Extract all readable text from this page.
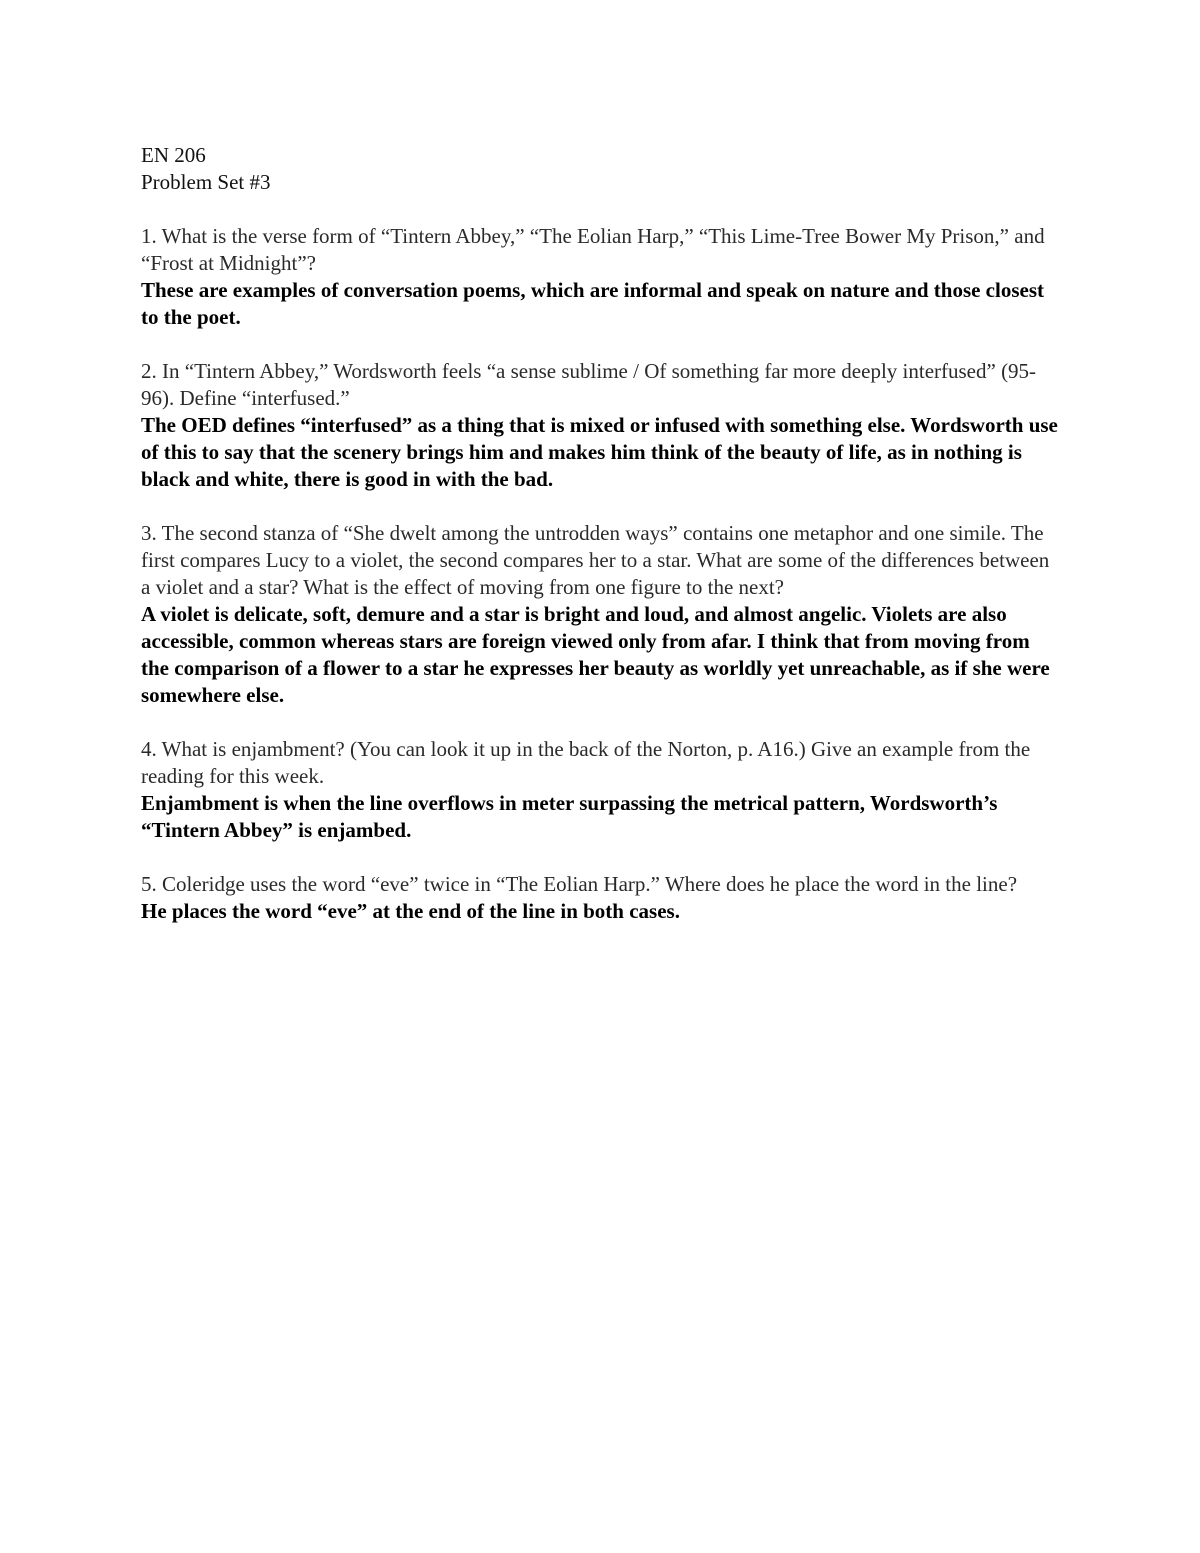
EN 206

Problem Set #3

1. What is the verse form of “Tintern Abbey,” “The Eolian Harp,” “This Lime-Tree Bower My Prison,” and “Frost at Midnight”?

These are examples of conversation poems, which are informal and speak on nature and those closest to the poet.

2. In “Tintern Abbey,” Wordsworth feels “a sense sublime / Of something far more deeply interfused” (95-96). Define “interfused.”

The OED defines “interfused” as a thing that is mixed or infused with something else. Wordsworth use of this to say that the scenery brings him and makes him think of the beauty of life, as in nothing is black and white, there is good in with the bad.

3. The second stanza of “She dwelt among the untrodden ways” contains one metaphor and one simile. The first compares Lucy to a violet, the second compares her to a star. What are some of the differences between a violet and a star? What is the effect of moving from one figure to the next?

A violet is delicate, soft, demure and a star is bright and loud, and almost angelic. Violets are also accessible, common whereas stars are foreign viewed only from afar. I think that from moving from the comparison of a flower to a star he expresses her beauty as worldly yet unreachable, as if she were somewhere else.

4. What is enjambment? (You can look it up in the back of the Norton, p. A16.) Give an example from the reading for this week.

Enjambment is when the line overflows in meter surpassing the metrical pattern, Wordsworth’s “Tintern Abbey” is enjambed.

5. Coleridge uses the word “eve” twice in “The Eolian Harp.” Where does he place the word in the line?

He places the word “eve” at the end of the line in both cases.
